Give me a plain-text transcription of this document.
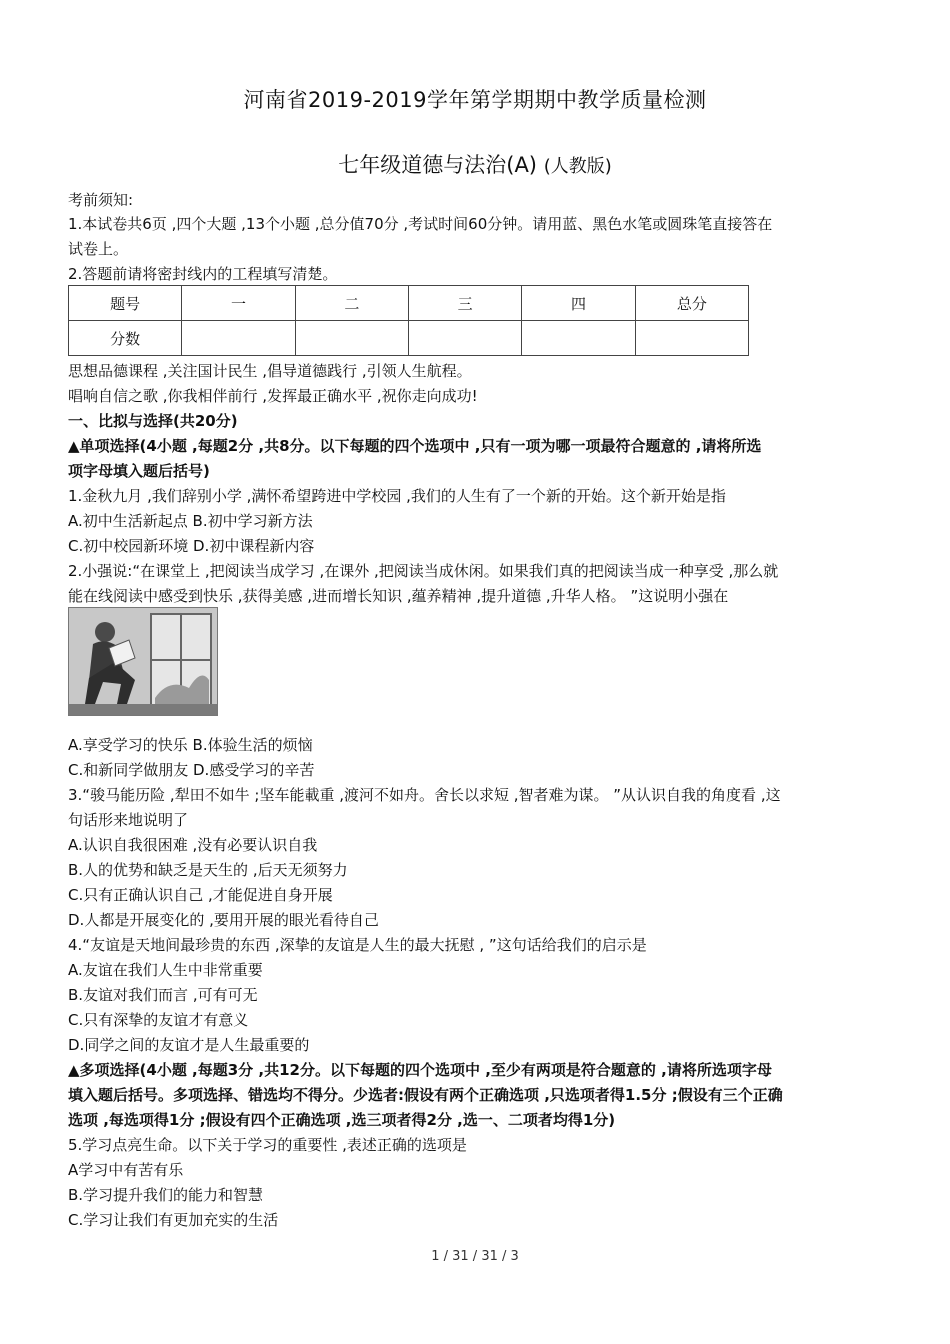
河南省2019-2019学年第学期期中教学质量检测
七年级道德与法治(A) (人教版)
考前须知:
1.本试卷共6页 ,四个大题 ,13个小题 ,总分值70分 ,考试时间60分钟。请用蓝、黑色水笔或圆珠笔直接答在
试卷上。
2.答题前请将密封线内的工程填写清楚。
题号	一	二	三	四	总分
分数					
思想品德课程 ,关注国计民生 ,倡导道德践行 ,引领人生航程。
唱响自信之歌 ,你我相伴前行 ,发挥最正确水平 ,祝你走向成功!
一、比拟与选择(共20分)
▲单项选择(4小题 ,每题2分 ,共8分。以下每题的四个选项中 ,只有一项为哪一项最符合题意的 ,请将所选
项字母填入题后括号)
1.金秋九月 ,我们辞别小学 ,满怀希望跨进中学校园 ,我们的人生有了一个新的开始。这个新开始是指
A.初中生活新起点 B.初中学习新方法
C.初中校园新环境 D.初中课程新内容
2.小强说:“在课堂上 ,把阅读当成学习 ,在课外 ,把阅读当成休闲。如果我们真的把阅读当成一种享受 ,那么就
能在线阅读中感受到快乐 ,获得美感 ,进而增长知识 ,蕴养精神 ,提升道德 ,升华人格。 ”这说明小强在
A.享受学习的快乐 B.体验生活的烦恼
C.和新同学做朋友 D.感受学习的辛苦
3.“骏马能历险 ,犁田不如牛 ;坚车能載重 ,渡河不如舟。舍长以求短 ,智者难为谋。 ”从认识自我的角度看 ,这
句话形来地说明了
A.认识自我很困难 ,没有必要认识自我
B.人的优势和缺乏是天生的 ,后天无须努力
C.只有正确认识自己 ,才能促进自身开展
D.人都是开展变化的 ,要用开展的眼光看待自己
4.“友谊是天地间最珍贵的东西 ,深挚的友谊是人生的最大抚慰 , ”这句话给我们的启示是
A.友谊在我们人生中非常重要
B.友谊对我们而言 ,可有可无
C.只有深挚的友谊才有意义
D.同学之间的友谊才是人生最重要的
▲多项选择(4小题 ,每题3分 ,共12分。以下每题的四个选项中 ,至少有两项是符合题意的 ,请将所选项字母
填入题后括号。多项选择、错选均不得分。少选者:假设有两个正确选项 ,只选项者得1.5分 ;假设有三个正确
选项 ,每选项得1分 ;假设有四个正确选项 ,选三项者得2分 ,选一、二项者均得1分)
5.学习点亮生命。以下关于学习的重要性 ,表述正确的选项是
A学习中有苦有乐
B.学习提升我们的能力和智慧
C.学习让我们有更加充实的生活
1 / 31 / 31 / 3
